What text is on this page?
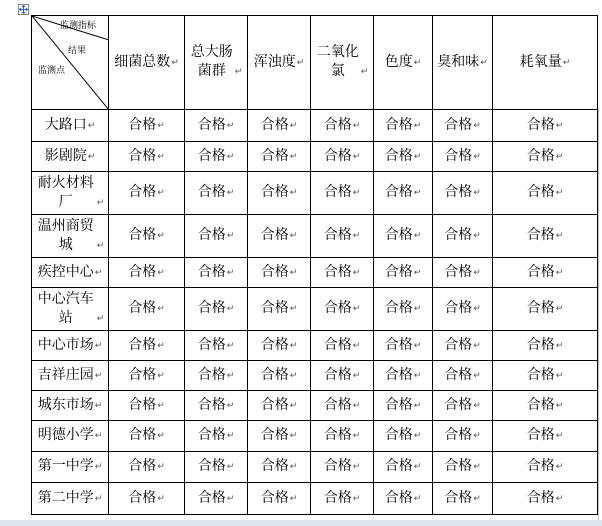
监测指标
结果
监测点	细菌总数↵	总大肠菌群 ↵	浑浊度↵	二氧化氯 ↵	色度↵	臭和味↵	耗氧量↵
大路口↵	合格↵	合格↵	合格↵	合格↵	合格↵	合格↵	合格↵
影剧院↵	合格↵	合格↵	合格↵	合格↵	合格↵	合格↵	合格↵
耐火材料厂 ↵	合格↵	合格↵	合格↵	合格↵	合格↵	合格↵	合格↵
温州商贸城 ↵	合格↵	合格↵	合格↵	合格↵	合格↵	合格↵	合格↵
疾控中心↵	合格↵	合格↵	合格↵	合格↵	合格↵	合格↵	合格↵
中心汽车站 ↵	合格↵	合格↵	合格↵	合格↵	合格↵	合格↵	合格↵
中心市场↵	合格↵	合格↵	合格↵	合格↵	合格↵	合格↵	合格↵
吉祥庄园↵	合格↵	合格↵	合格↵	合格↵	合格↵	合格↵	合格↵
城东市场↵	合格↵	合格↵	合格↵	合格↵	合格↵	合格↵	合格↵
明德小学↵	合格↵	合格↵	合格↵	合格↵	合格↵	合格↵	合格↵
第一中学↵	合格↵	合格↵	合格↵	合格↵	合格↵	合格↵	合格↵
第二中学↵	合格↵	合格↵	合格↵	合格↵	合格↵	合格↵	合格↵
